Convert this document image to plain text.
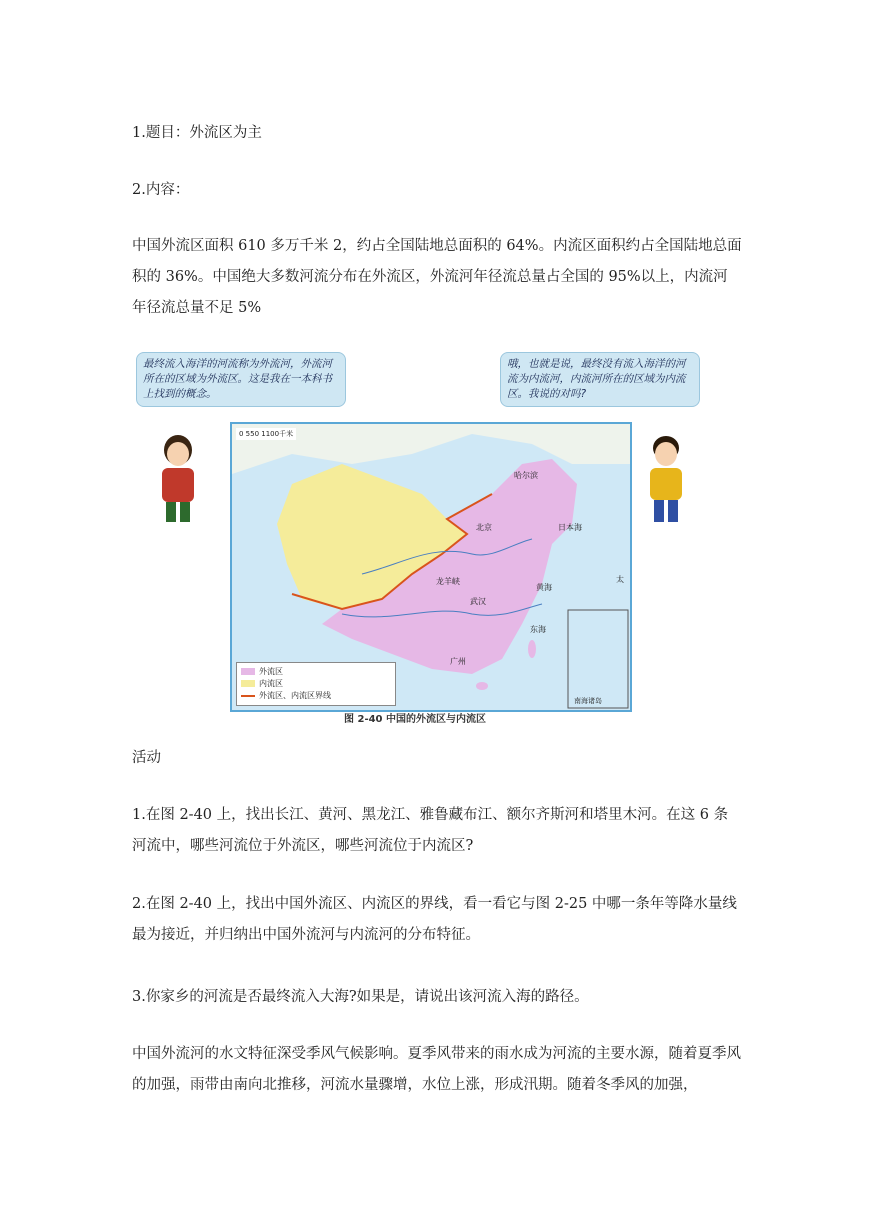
1.题目：外流区为主

2.内容：

中国外流区面积 610 多万千米 2，约占全国陆地总面积的 64%。内流区面积约占全国陆地总面积的 36%。中国绝大多数河流分布在外流区，外流河年径流总量占全国的 95%以上，内流河年径流总量不足 5%

最终流入海洋的河流称为外流河，外流河所在的区域为外流区。这是我在一本科书上找到的概念。
哦，也就是说，最终没有流入海洋的河流为内流河，内流河所在的区域为内流区。我说的对吗?
0 550 1100千米
哈尔滨
北京
武汉
广州
龙羊峡
日本海
黄海
东海
太
南海诸岛
外流区
内流区
外流区、内流区界线
图 2-40 中国的外流区与内流区

活动

1.在图 2-40 上，找出长江、黄河、黑龙江、雅鲁藏布江、额尔齐斯河和塔里木河。在这 6 条河流中，哪些河流位于外流区，哪些河流位于内流区?

2.在图 2-40 上，找出中国外流区、内流区的界线，看一看它与图 2-25 中哪一条年等降水量线最为接近，并归纳出中国外流河与内流河的分布特征。

3.你家乡的河流是否最终流入大海?如果是，请说出该河流入海的路径。

中国外流河的水文特征深受季风气候影响。夏季风带来的雨水成为河流的主要水源，随着夏季风的加强，雨带由南向北推移，河流水量骤增，水位上涨，形成汛期。随着冬季风的加强，
